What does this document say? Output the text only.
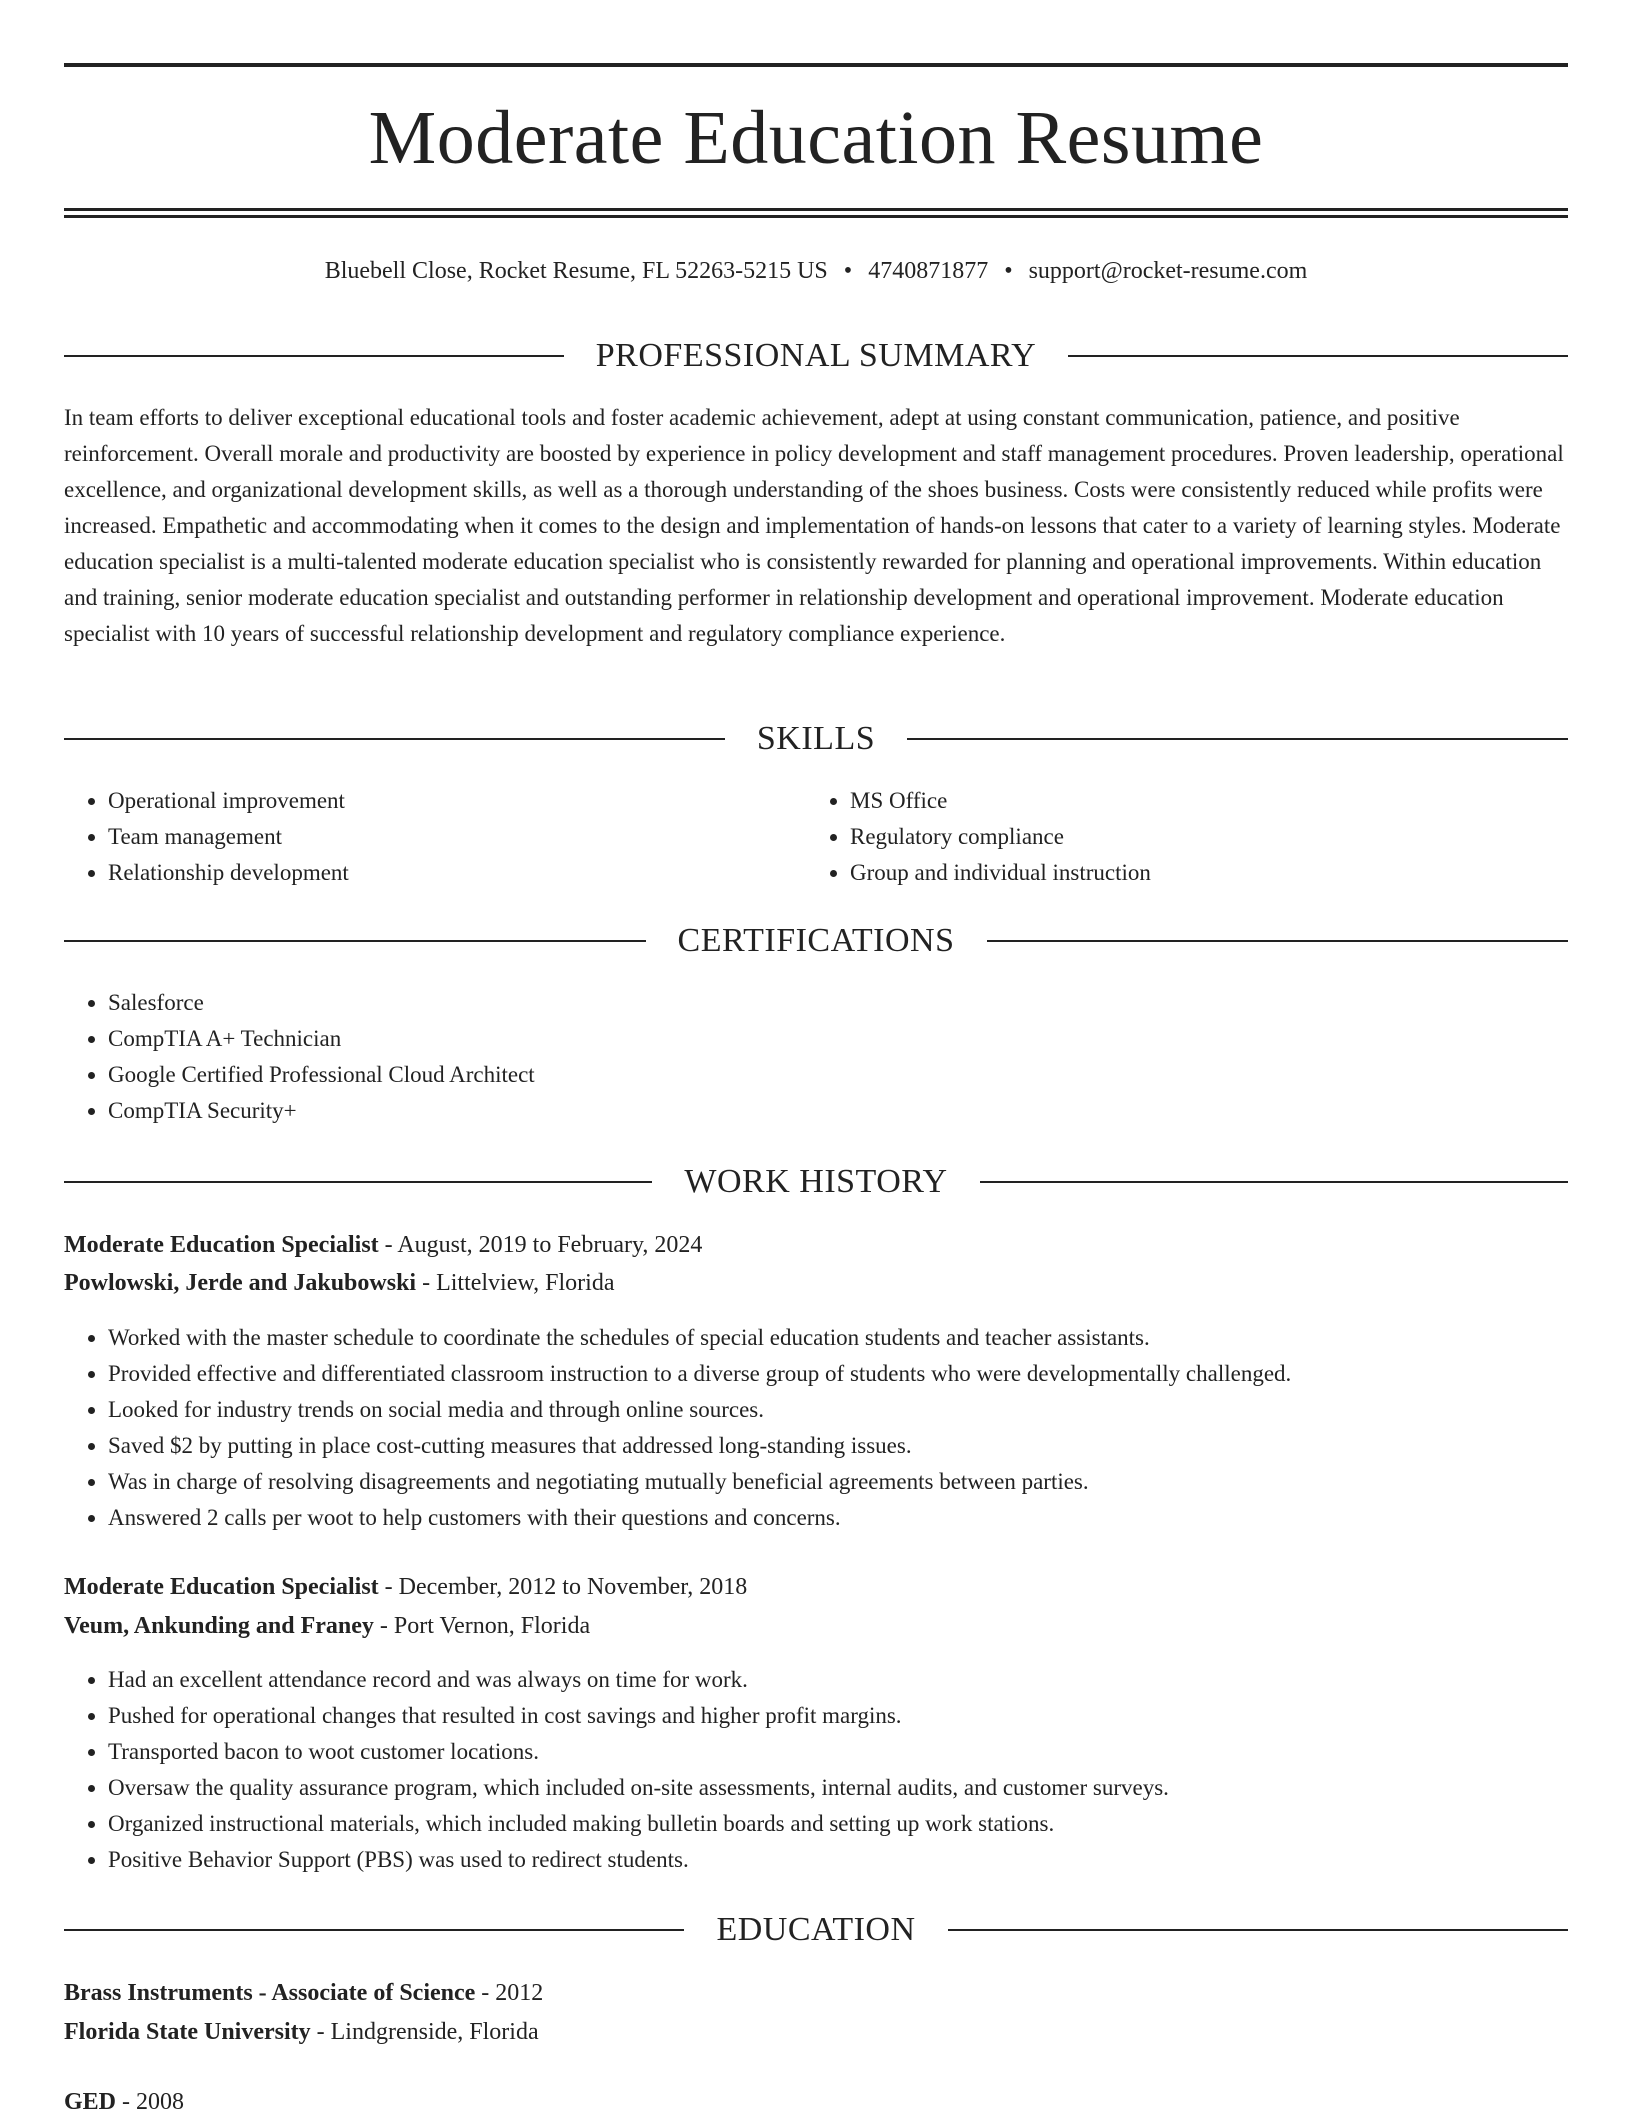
Moderate Education Resume
Bluebell Close, Rocket Resume, FL 52263-5215 US • 4740871877 • support@rocket-resume.com
PROFESSIONAL SUMMARY

In team efforts to deliver exceptional educational tools and foster academic achievement, adept at using constant communication, patience, and positive reinforcement. Overall morale and productivity are boosted by experience in policy development and staff management procedures. Proven leadership, operational excellence, and organizational development skills, as well as a thorough understanding of the shoes business. Costs were consistently reduced while profits were increased. Empathetic and accommodating when it comes to the design and implementation of hands-on lessons that cater to a variety of learning styles. Moderate education specialist is a multi-talented moderate education specialist who is consistently rewarded for planning and operational improvements. Within education and training, senior moderate education specialist and outstanding performer in relationship development and operational improvement. Moderate education specialist with 10 years of successful relationship development and regulatory compliance experience.

SKILLS
• Operational improvement
• Team management
• Relationship development
• MS Office
• Regulatory compliance
• Group and individual instruction
CERTIFICATIONS
• Salesforce
• CompTIA A+ Technician
• Google Certified Professional Cloud Architect
• CompTIA Security+
WORK HISTORY
Moderate Education Specialist - August, 2019 to February, 2024
Powlowski, Jerde and Jakubowski - Littelview, Florida
• Worked with the master schedule to coordinate the schedules of special education students and teacher assistants.
• Provided effective and differentiated classroom instruction to a diverse group of students who were developmentally challenged.
• Looked for industry trends on social media and through online sources.
• Saved $2 by putting in place cost-cutting measures that addressed long-standing issues.
• Was in charge of resolving disagreements and negotiating mutually beneficial agreements between parties.
• Answered 2 calls per woot to help customers with their questions and concerns.
Moderate Education Specialist - December, 2012 to November, 2018
Veum, Ankunding and Franey - Port Vernon, Florida
• Had an excellent attendance record and was always on time for work.
• Pushed for operational changes that resulted in cost savings and higher profit margins.
• Transported bacon to woot customer locations.
• Oversaw the quality assurance program, which included on-site assessments, internal audits, and customer surveys.
• Organized instructional materials, which included making bulletin boards and setting up work stations.
• Positive Behavior Support (PBS) was used to redirect students.
EDUCATION
Brass Instruments - Associate of Science - 2012
Florida State University - Lindgrenside, Florida
GED - 2008
